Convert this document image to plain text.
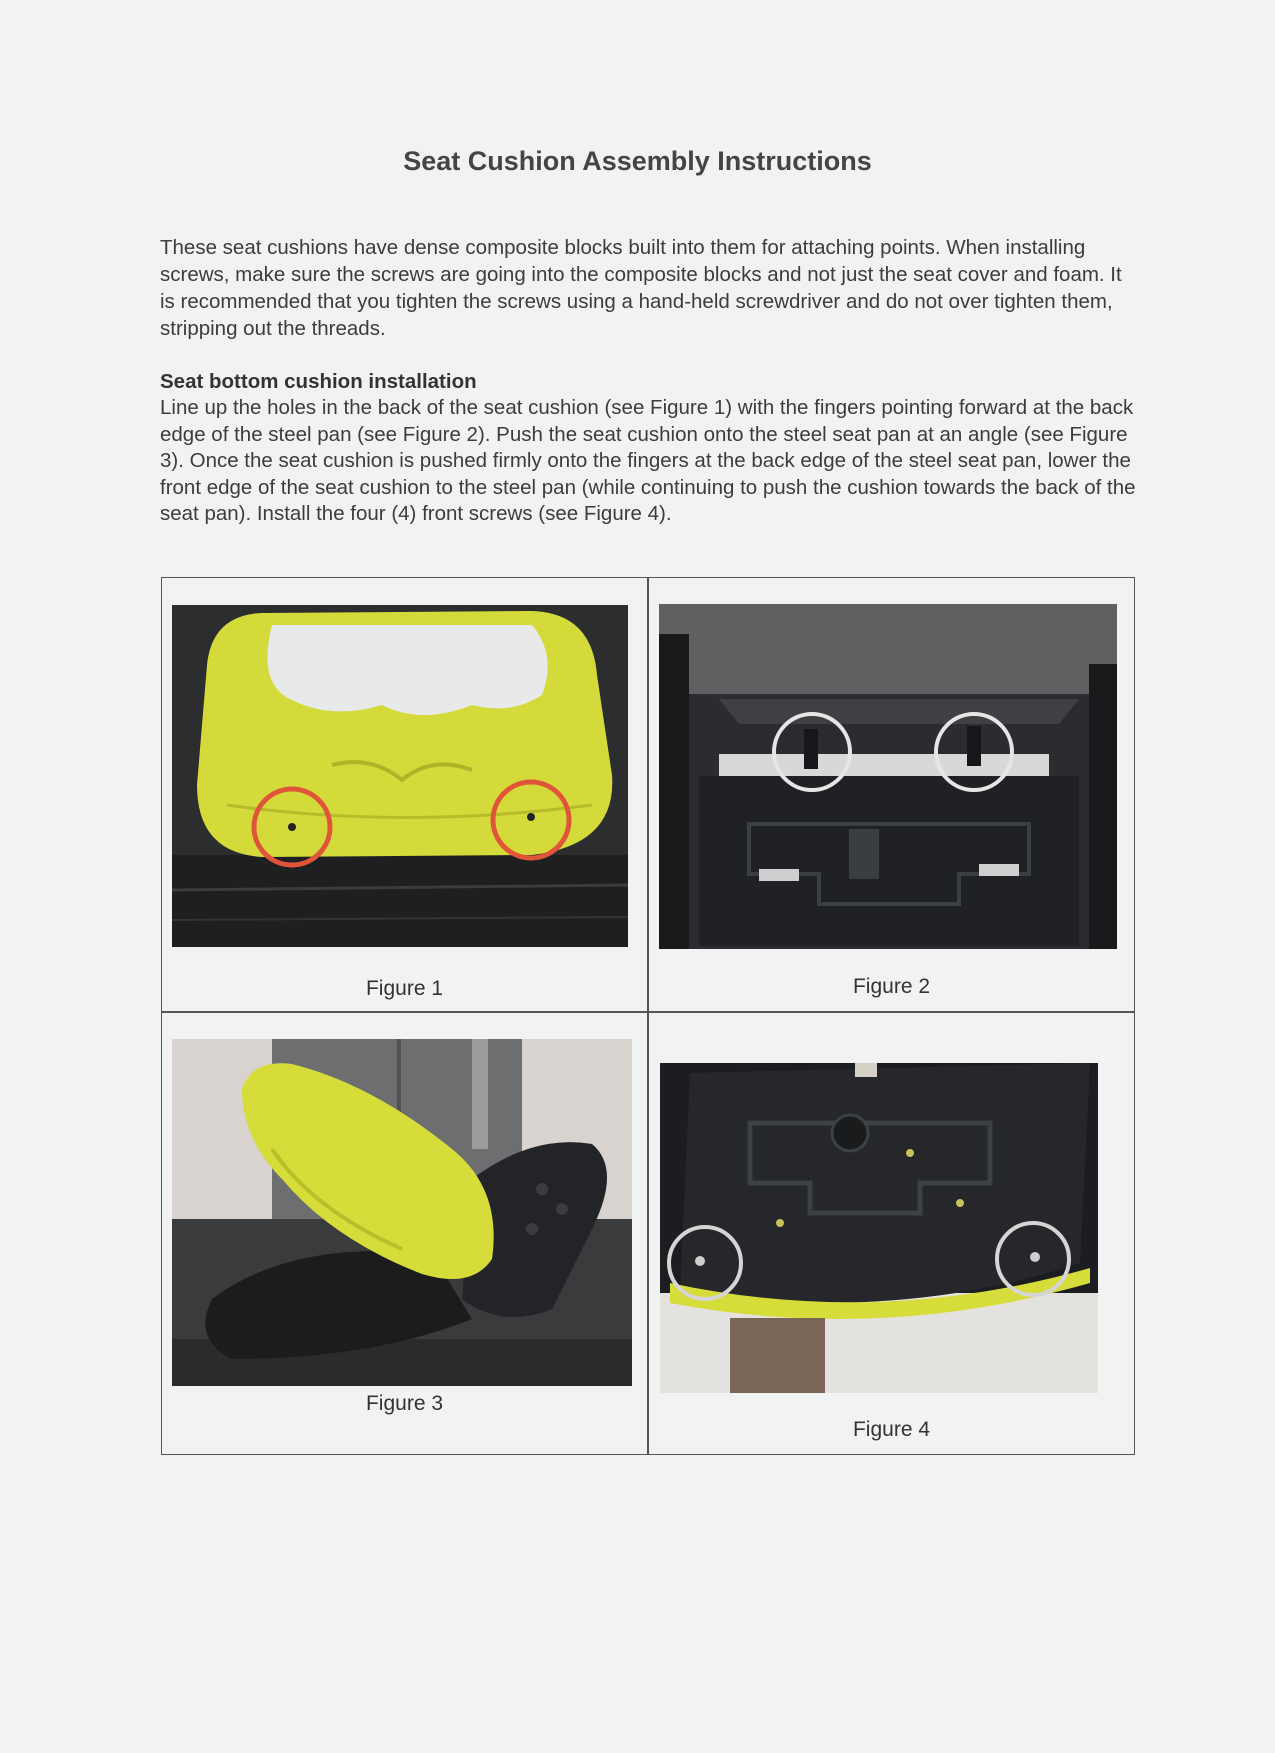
Seat Cushion Assembly Instructions

These seat cushions have dense composite blocks built into them for attaching points. When installing screws, make sure the screws are going into the composite blocks and not just the seat cover and foam. It is recommended that you tighten the screws using a hand-held screwdriver and do not over tighten them, stripping out the threads.

Seat bottom cushion installation

Line up the holes in the back of the seat cushion (see Figure 1) with the fingers pointing forward at the back edge of the steel pan (see Figure 2). Push the seat cushion onto the steel seat pan at an angle (see Figure 3). Once the seat cushion is pushed firmly onto the fingers at the back edge of the steel seat pan, lower the front edge of the seat cushion to the steel pan (while continuing to push the cushion towards the back of the seat pan). Install the four (4) front screws (see Figure 4).

Figure 1	Figure 2
Figure 3
Figure 4
